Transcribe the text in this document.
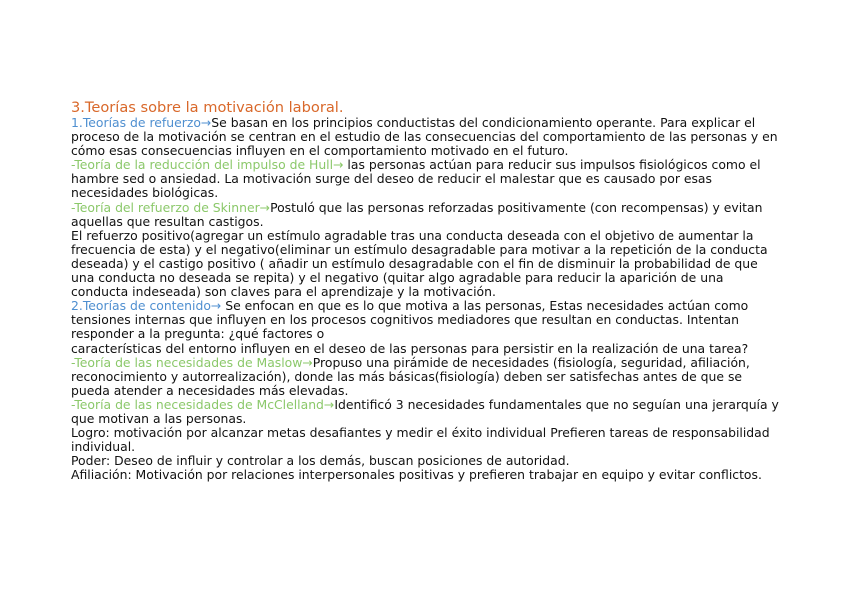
3.Teorías sobre la motivación laboral.

1.Teorías de refuerzo→Se basan en los principios conductistas del condicionamiento operante. Para explicar el proceso de la motivación se centran en el estudio de las consecuencias del comportamiento de las personas y en cómo esas consecuencias influyen en el comportamiento motivado en el futuro.

-Teoría de la reducción del impulso de Hull→ las personas actúan para reducir sus impulsos fisiológicos como el hambre sed o ansiedad. La motivación surge del deseo de reducir el malestar que es causado por esas necesidades biológicas.

-Teoría del refuerzo de Skinner→Postuló que las personas reforzadas positivamente (con recompensas) y evitan aquellas que resultan castigos.

El refuerzo positivo(agregar un estímulo agradable tras una conducta deseada con el objetivo de aumentar la frecuencia de esta) y el negativo(eliminar un estímulo desagradable para motivar a la repetición de la conducta deseada) y el castigo positivo ( añadir un estímulo desagradable con el fin de disminuir la probabilidad de que una conducta no deseada se repita) y el negativo (quitar algo agradable para reducir la aparición de una conducta indeseada) son claves para el aprendizaje y la motivación.

2.Teorías de contenido→ Se enfocan en que es lo que motiva a las personas, Estas necesidades actúan como tensiones internas que influyen en los procesos cognitivos mediadores que resultan en conductas. Intentan responder a la pregunta: ¿qué factores o

características del entorno influyen en el deseo de las personas para persistir en la realización de una tarea?

-Teoría de las necesidades de Maslow→Propuso una pirámide de necesidades (fisiología, seguridad, afiliación, reconocimiento y autorrealización), donde las más básicas(fisiología) deben ser satisfechas antes de que se pueda atender a necesidades más elevadas.

-Teoría de las necesidades de McClelland→Identificó 3 necesidades fundamentales que no seguían una jerarquía y que motivan a las personas.

Logro: motivación por alcanzar metas desafiantes y medir el éxito individual Prefieren tareas de responsabilidad individual.

Poder: Deseo de influir y controlar a los demás, buscan posiciones de autoridad.

Afiliación: Motivación por relaciones interpersonales positivas y prefieren trabajar en equipo y evitar conflictos.
